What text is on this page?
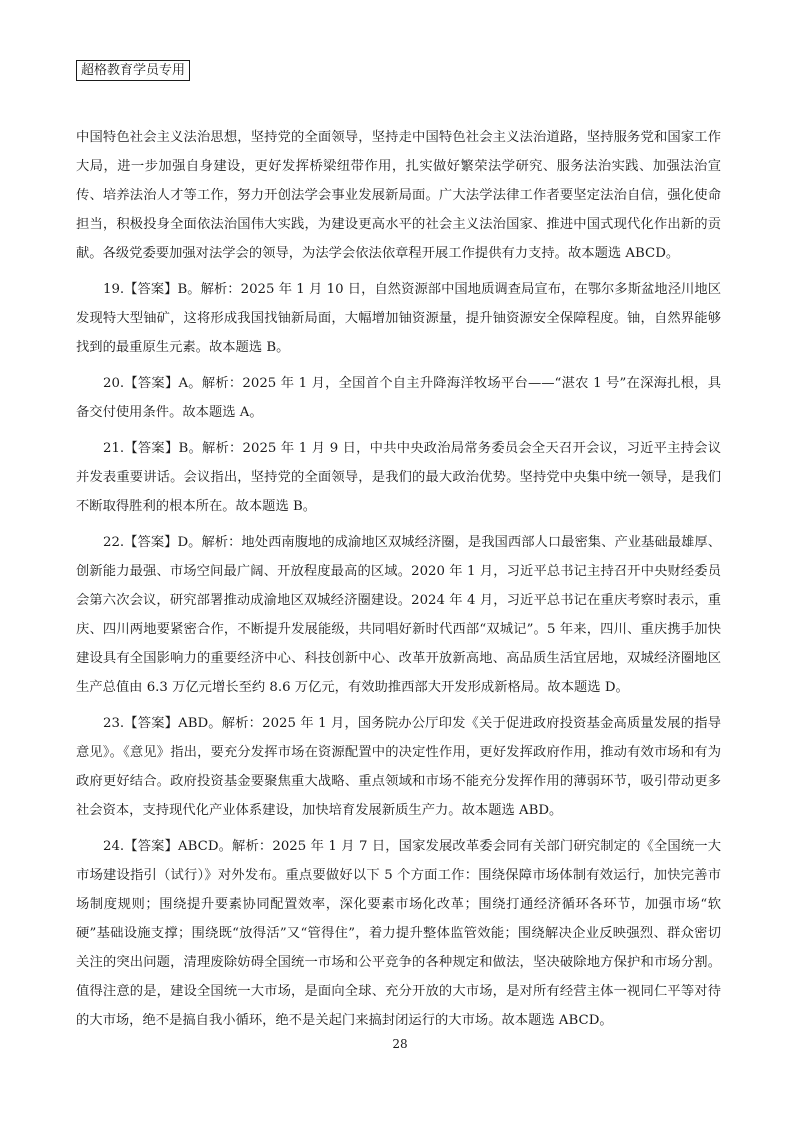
超格教育学员专用

中国特色社会主义法治思想，坚持党的全面领导，坚持走中国特色社会主义法治道路，坚持服务党和国家工作大局，进一步加强自身建设，更好发挥桥梁纽带作用，扎实做好繁荣法学研究、服务法治实践、加强法治宣传、培养法治人才等工作，努力开创法学会事业发展新局面。广大法学法律工作者要坚定法治自信，强化使命担当，积极投身全面依法治国伟大实践，为建设更高水平的社会主义法治国家、推进中国式现代化作出新的贡献。各级党委要加强对法学会的领导，为法学会依法依章程开展工作提供有力支持。故本题选 ABCD。

19.【答案】B。解析：2025 年 1 月 10 日，自然资源部中国地质调查局宣布，在鄂尔多斯盆地泾川地区发现特大型铀矿，这将形成我国找铀新局面，大幅增加铀资源量，提升铀资源安全保障程度。铀，自然界能够找到的最重原生元素。故本题选 B。

20.【答案】A。解析：2025 年 1 月，全国首个自主升降海洋牧场平台——“湛农 1 号”在深海扎根，具备交付使用条件。故本题选 A。

21.【答案】B。解析：2025 年 1 月 9 日，中共中央政治局常务委员会全天召开会议，习近平主持会议并发表重要讲话。会议指出，坚持党的全面领导，是我们的最大政治优势。坚持党中央集中统一领导，是我们不断取得胜利的根本所在。故本题选 B。

22.【答案】D。解析：地处西南腹地的成渝地区双城经济圈，是我国西部人口最密集、产业基础最雄厚、创新能力最强、市场空间最广阔、开放程度最高的区域。2020 年 1 月，习近平总书记主持召开中央财经委员会第六次会议，研究部署推动成渝地区双城经济圈建设。2024 年 4 月，习近平总书记在重庆考察时表示，重庆、四川两地要紧密合作，不断提升发展能级，共同唱好新时代西部“双城记”。5 年来，四川、重庆携手加快建设具有全国影响力的重要经济中心、科技创新中心、改革开放新高地、高品质生活宜居地，双城经济圈地区生产总值由 6.3 万亿元增长至约 8.6 万亿元，有效助推西部大开发形成新格局。故本题选 D。

23.【答案】ABD。解析：2025 年 1 月，国务院办公厅印发《关于促进政府投资基金高质量发展的指导意见》。《意见》指出，要充分发挥市场在资源配置中的决定性作用，更好发挥政府作用，推动有效市场和有为政府更好结合。政府投资基金要聚焦重大战略、重点领域和市场不能充分发挥作用的薄弱环节，吸引带动更多社会资本，支持现代化产业体系建设，加快培育发展新质生产力。故本题选 ABD。

24.【答案】ABCD。解析：2025 年 1 月 7 日，国家发展改革委会同有关部门研究制定的《全国统一大市场建设指引（试行）》对外发布。重点要做好以下 5 个方面工作：围绕保障市场体制有效运行，加快完善市场制度规则；围绕提升要素协同配置效率，深化要素市场化改革；围绕打通经济循环各环节，加强市场“软硬”基础设施支撑；围绕既“放得活”又“管得住”，着力提升整体监管效能；围绕解决企业反映强烈、群众密切关注的突出问题，清理废除妨碍全国统一市场和公平竞争的各种规定和做法，坚决破除地方保护和市场分割。值得注意的是，建设全国统一大市场，是面向全球、充分开放的大市场，是对所有经营主体一视同仁平等对待的大市场，绝不是搞自我小循环，绝不是关起门来搞封闭运行的大市场。故本题选 ABCD。

28
